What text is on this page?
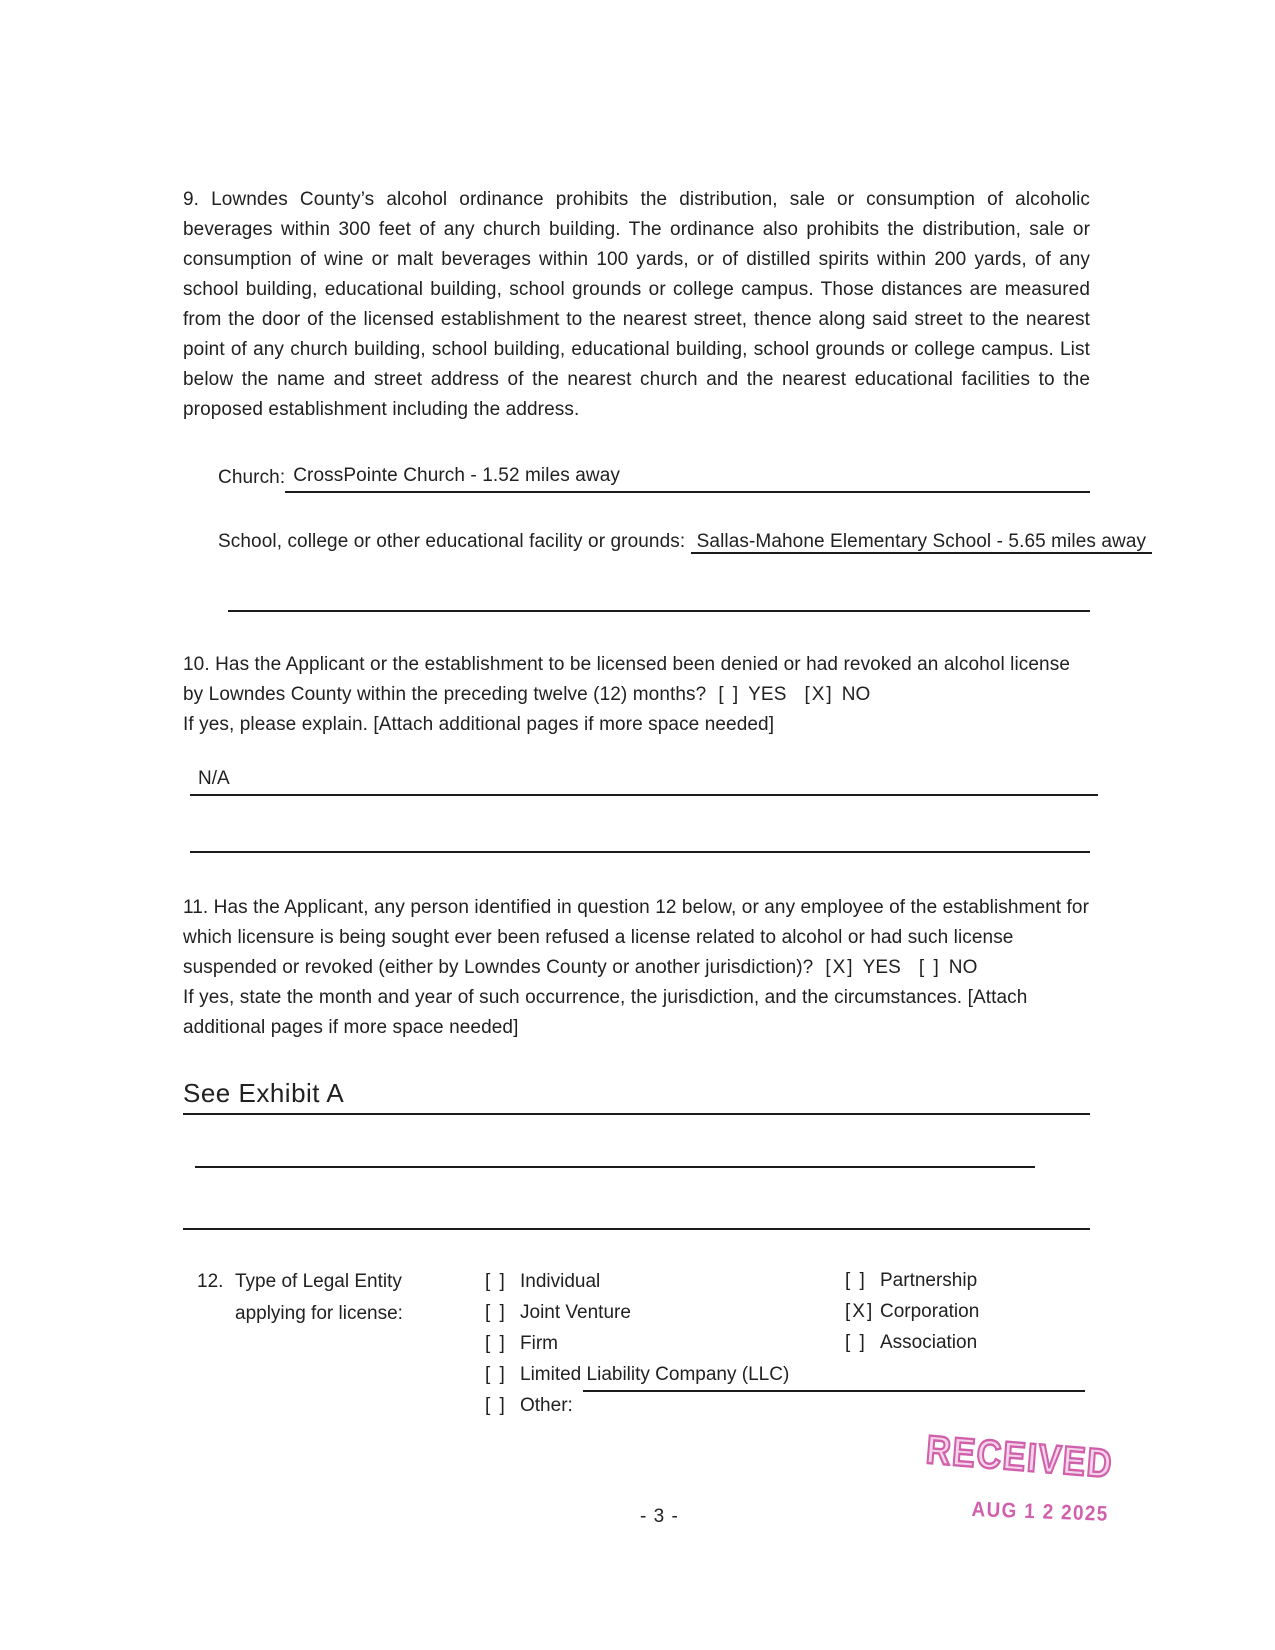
9. Lowndes County’s alcohol ordinance prohibits the distribution, sale or consumption of alcoholic beverages within 300 feet of any church building. The ordinance also prohibits the distribution, sale or consumption of wine or malt beverages within 100 yards, or of distilled spirits within 200 yards, of any school building, educational building, school grounds or college campus. Those distances are measured from the door of the licensed establishment to the nearest street, thence along said street to the nearest point of any church building, school building, educational building, school grounds or college campus. List below the name and street address of the nearest church and the nearest educational facilities to the proposed establishment including the address.
Church: CrossPointe Church - 1.52 miles away
School, college or other educational facility or grounds: Sallas-Mahone Elementary School - 5.65 miles away
10. Has the Applicant or the establishment to be licensed been denied or had revoked an alcohol license by Lowndes County within the preceding twelve (12) months? [ ] YES [X] NO
If yes, please explain. [Attach additional pages if more space needed]
N/A
11. Has the Applicant, any person identified in question 12 below, or any employee of the establishment for which licensure is being sought ever been refused a license related to alcohol or had such license suspended or revoked (either by Lowndes County or another jurisdiction)? [X] YES [ ] NO
If yes, state the month and year of such occurrence, the jurisdiction, and the circumstances. [Attach additional pages if more space needed]
See Exhibit A
12. Type of Legal Entity
applying for license:
[ ] Individual
[ ] Joint Venture
[ ] Firm
[ ] Limited Liability Company (LLC)
[ ] Other:
[ ] Partnership
[X] Corporation
[ ] Association
RECEIVED
AUG 1 2 2025
- 3 -
